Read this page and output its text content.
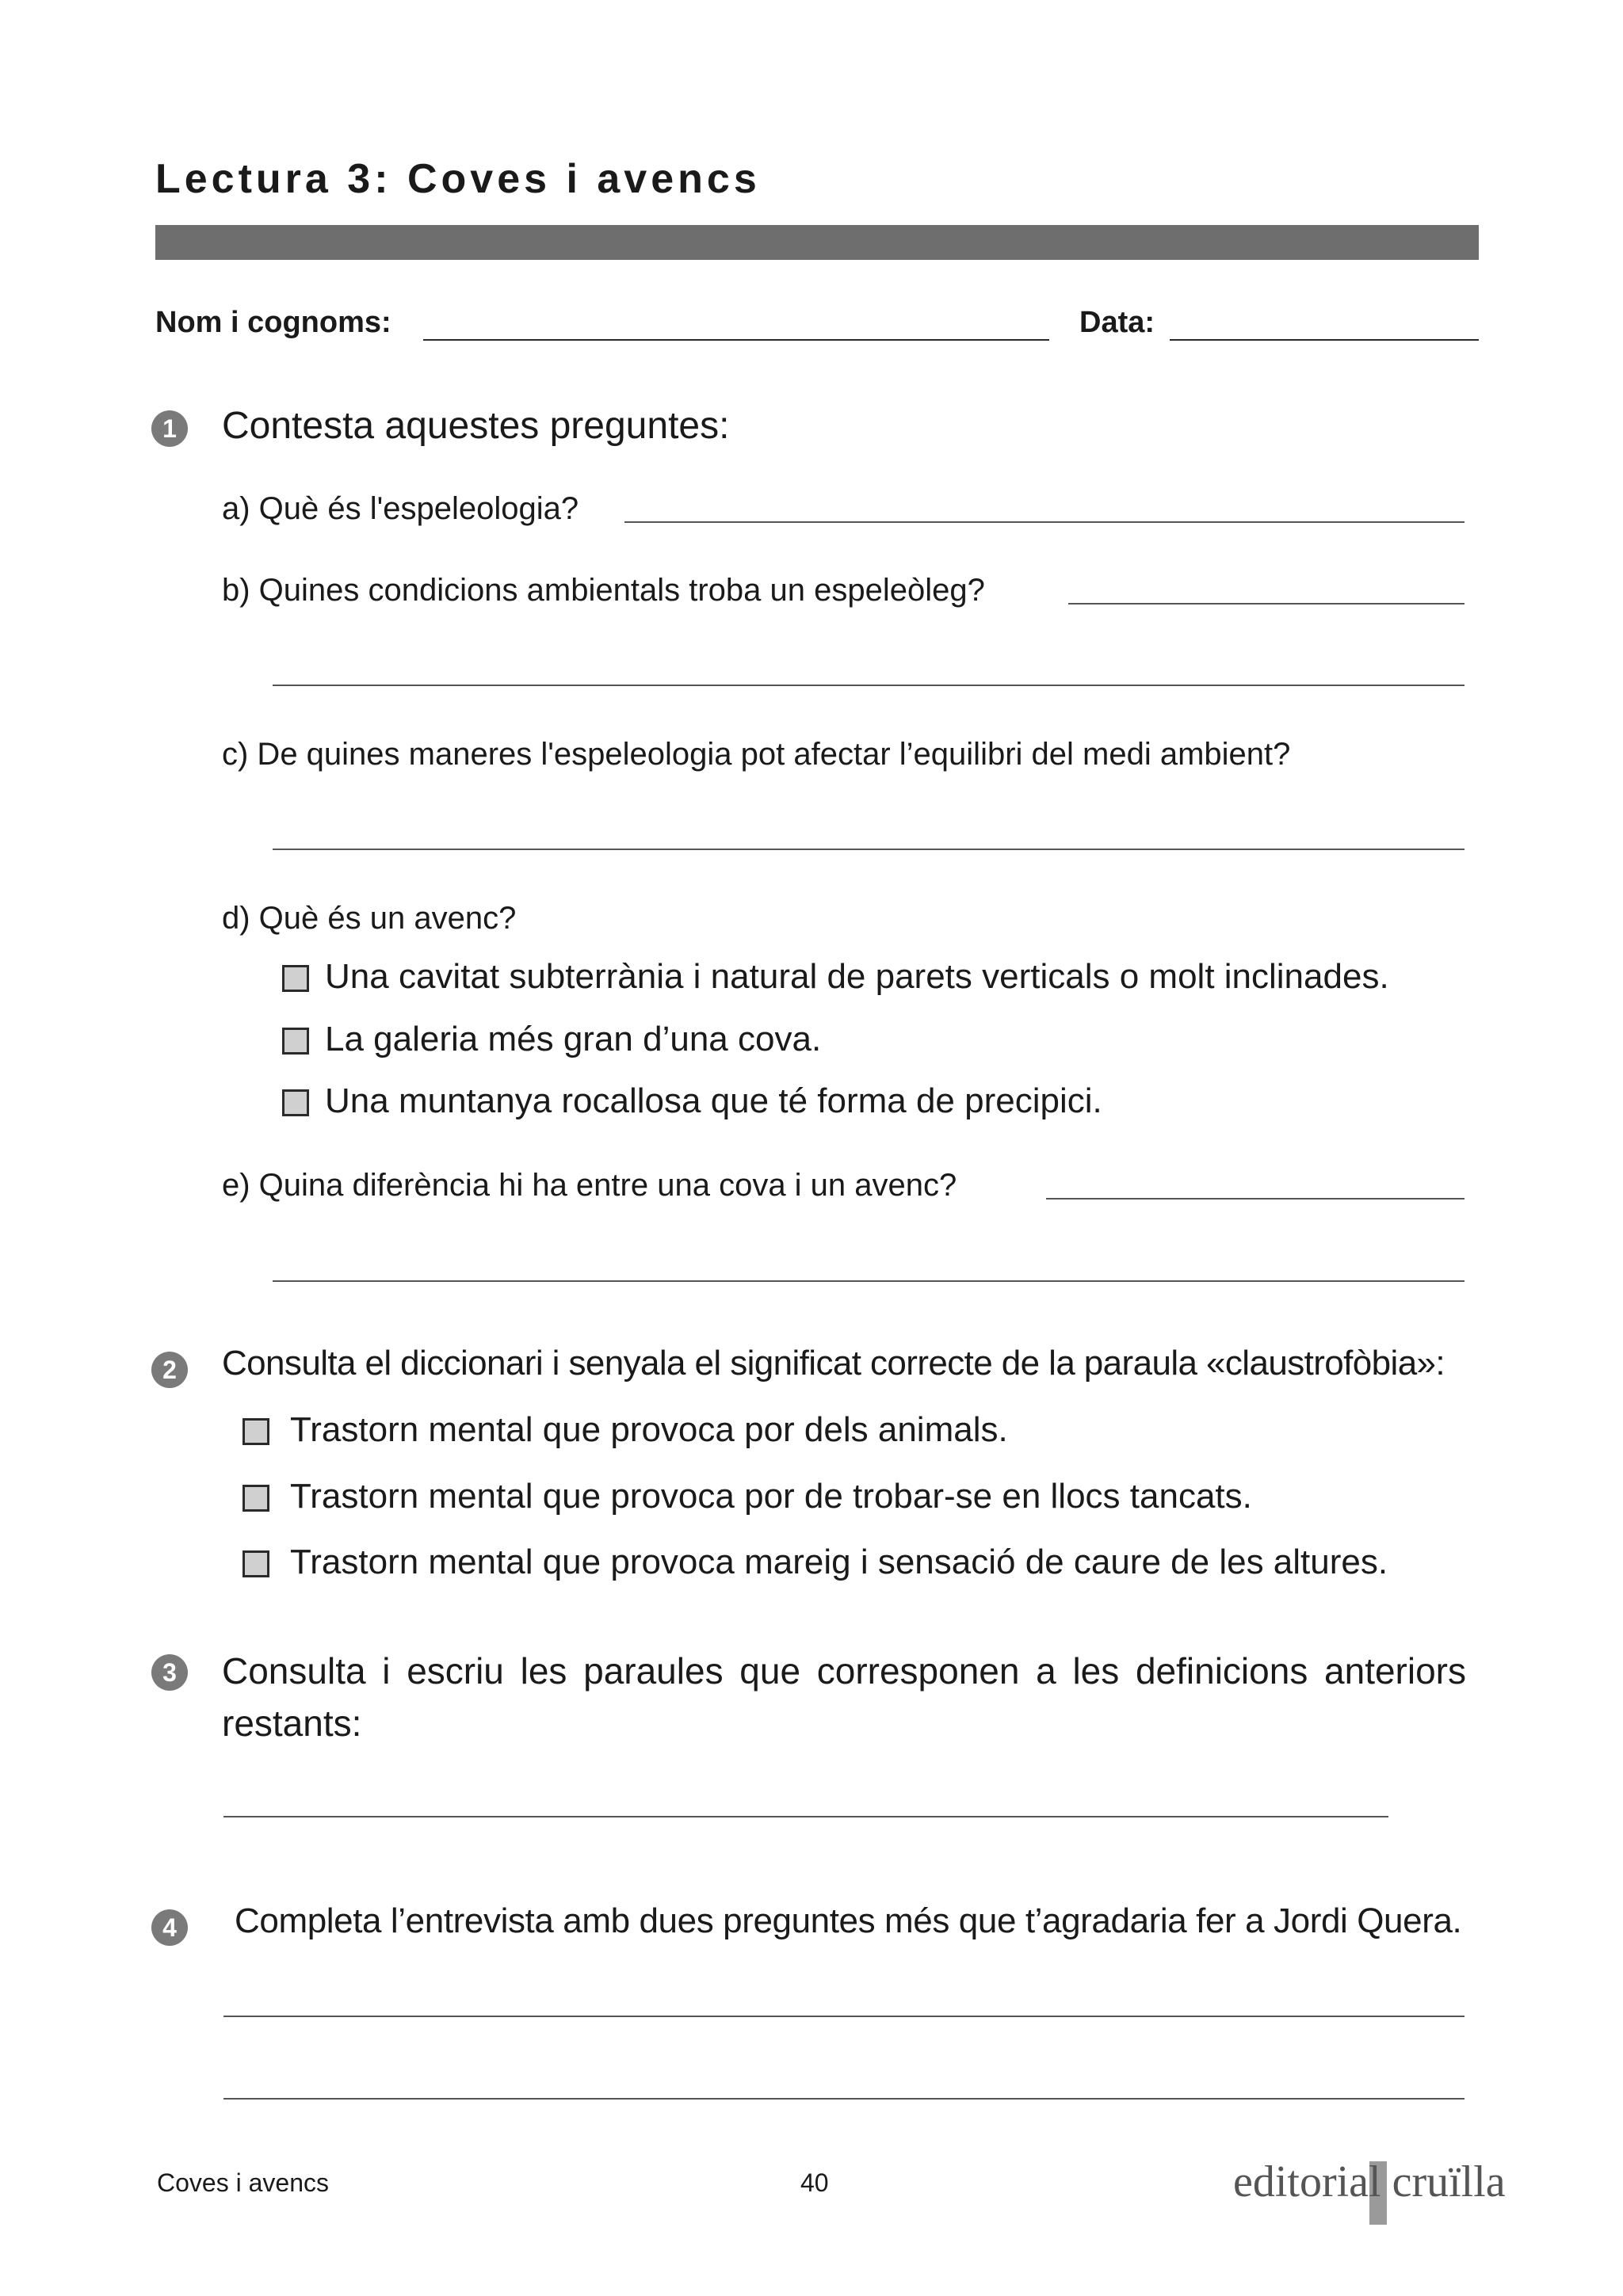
Lectura 3: Coves i avencs
Nom i cognoms:	Data:
1 Contesta aquestes preguntes:
a) Què és l'espeleologia?
b) Quines condicions ambientals troba un espeleòleg?
c) De quines maneres l'espeleologia pot afectar l’equilibri del medi ambient?
d) Què és un avenc?
Una cavitat subterrània i natural de parets verticals o molt inclinades.
La galeria més gran d’una cova.
Una muntanya rocallosa que té forma de precipici.
e) Quina diferència hi ha entre una cova i un avenc?
2	Consulta el diccionari i senyala el significat correcte de la paraula «claustrofòbia»:
Trastorn mental que provoca por dels animals.
Trastorn mental que provoca por de trobar-se en llocs tancats.
Trastorn mental que provoca mareig i sensació de caure de les altures.
3	Consulta i escriu les paraules que corresponen a les definicions anteriors restants:
4	Completa l’entrevista amb dues preguntes més que t’agradaria fer a Jordi Quera.
Coves i avencs	40	editorial cruïlla
